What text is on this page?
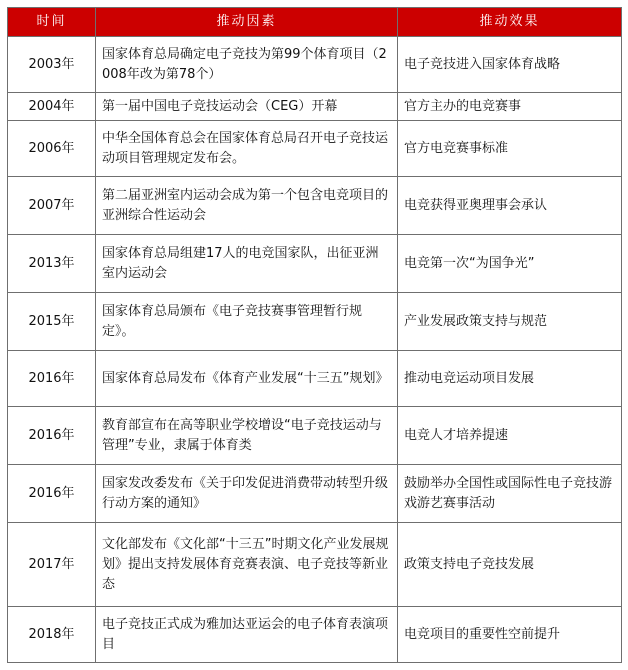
时间	推动因素	推动效果
2003年	国家体育总局确定电子竞技为第99个体育项目（2008年改为第78个）	电子竞技进入国家体育战略
2004年	第一届中国电子竞技运动会（CEG）开幕	官方主办的电竞赛事
2006年	中华全国体育总会在国家体育总局召开电子竞技运动项目管理规定发布会。	官方电竞赛事标准
2007年	第二届亚洲室内运动会成为第一个包含电竞项目的亚洲综合性运动会	电竞获得亚奥理事会承认
2013年	国家体育总局组建17人的电竞国家队，出征亚洲室内运动会	电竞第一次“为国争光”
2015年	国家体育总局颁布《电子竞技赛事管理暂行规定》。	产业发展政策支持与规范
2016年	国家体育总局发布《体育产业发展“十三五”规划》	推动电竞运动项目发展
2016年	教育部宣布在高等职业学校增设“电子竞技运动与管理”专业，隶属于体育类	电竞人才培养提速
2016年	国家发改委发布《关于印发促进消费带动转型升级行动方案的通知》	鼓励举办全国性或国际性电子竞技游戏游艺赛事活动
2017年	文化部发布《文化部“十三五”时期文化产业发展规划》提出支持发展体育竞赛表演、电子竞技等新业态	政策支持电子竞技发展
2018年	电子竞技正式成为雅加达亚运会的电子体育表演项目	电竞项目的重要性空前提升
